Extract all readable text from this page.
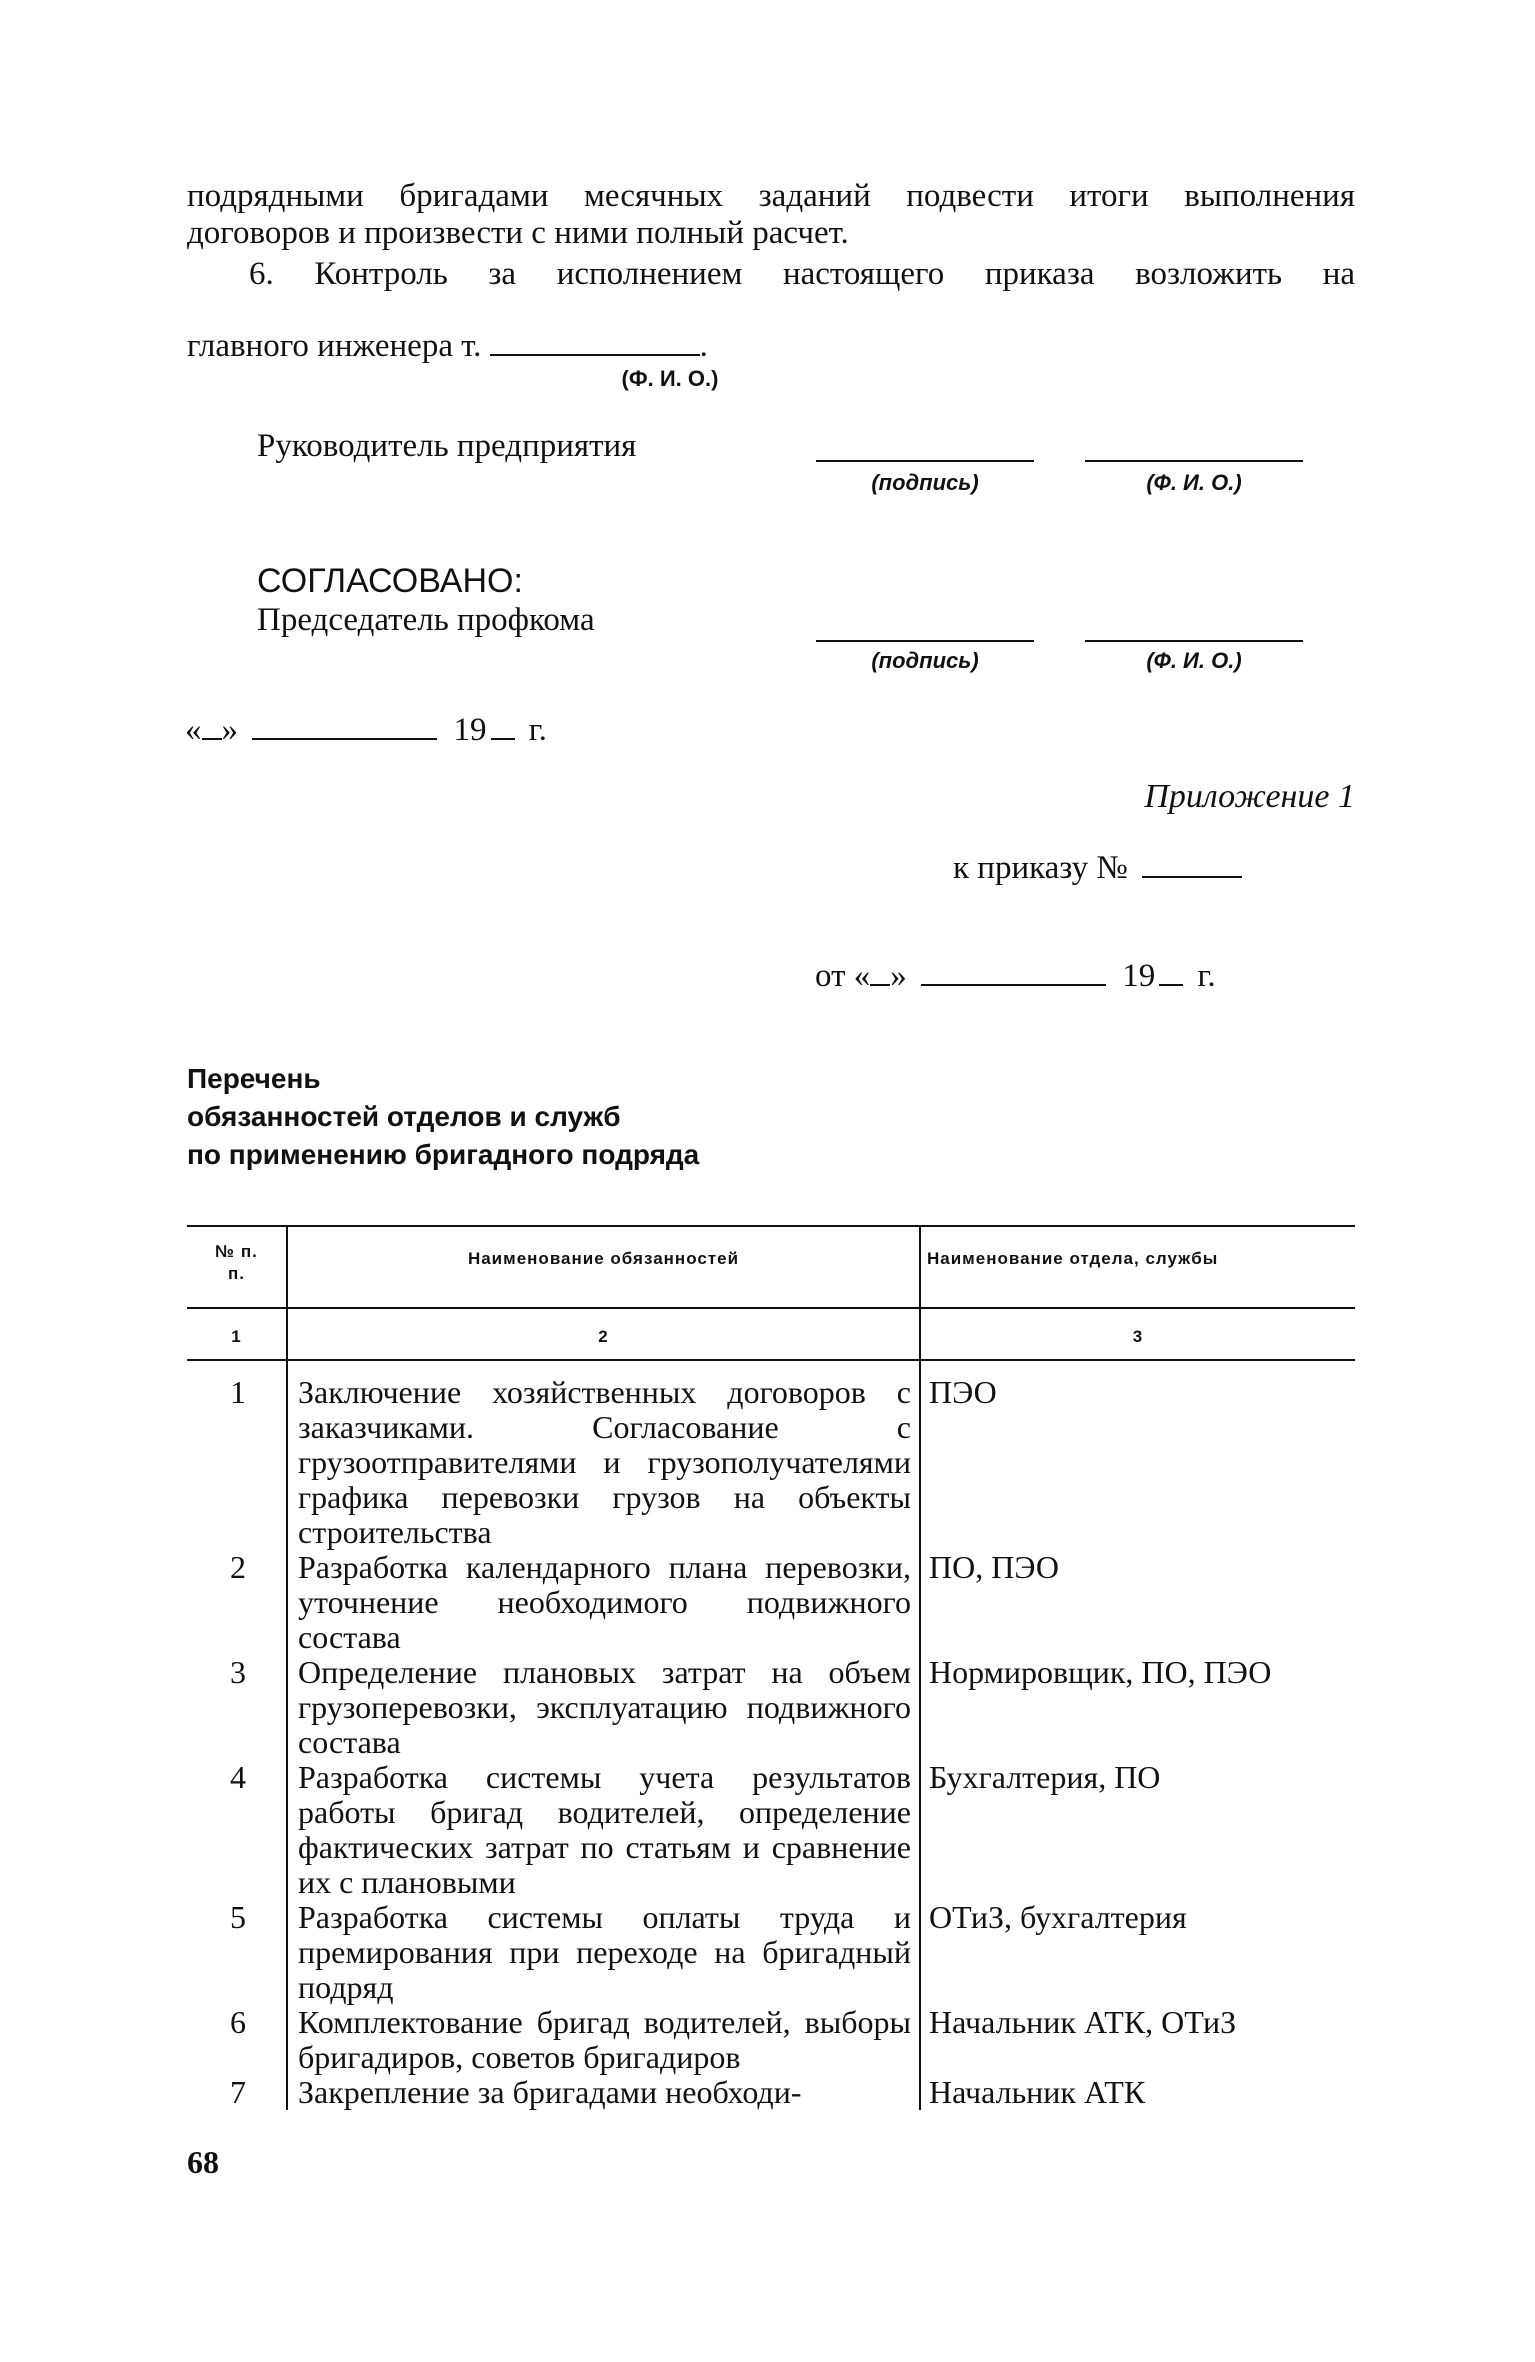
подрядными бригадами месячных заданий подвести итоги выполнения
договоров и произвести с ними полный расчет.
6. Контроль за исполнением настоящего приказа возложить на
главного инженера т.	.
(Ф. И. О.)
Руководитель предприятия
(подпись)	(Ф. И. О.)
СОГЛАСОВАНО:
Председатель профкома
(подпись)	(Ф. И. О.)
« »	19 г.
Приложение 1
к приказу №
от « »	19 г.
Перечень
обязанностей отделов и служб
по применению бригадного подряда
№ п. п.	Наименование обязанностей	Наименование отдела, службы
1	2	3
1	Заключение хозяйственных договоров с заказчиками. Согласование с грузоотправителями и грузополучателями графика перевозки грузов на объекты строительства	ПЭО
2	Разработка календарного плана перевозки, уточнение необходимого подвижного состава	ПО, ПЭО
3	Определение плановых затрат на объем грузоперевозки, эксплуатацию подвижного состава	Нормировщик, ПО, ПЭО
4	Разработка системы учета результатов работы бригад водителей, определение фактических затрат по статьям и сравнение их с плановыми	Бухгалтерия, ПО
5	Разработка системы оплаты труда и премирования при переходе на бригадный подряд	ОТиЗ, бухгалтерия
6	Комплектование бригад водителей, выборы бригадиров, советов бригадиров	Начальник АТК, ОТиЗ
7	Закрепление за бригадами необходи-	Начальник АТК
68
